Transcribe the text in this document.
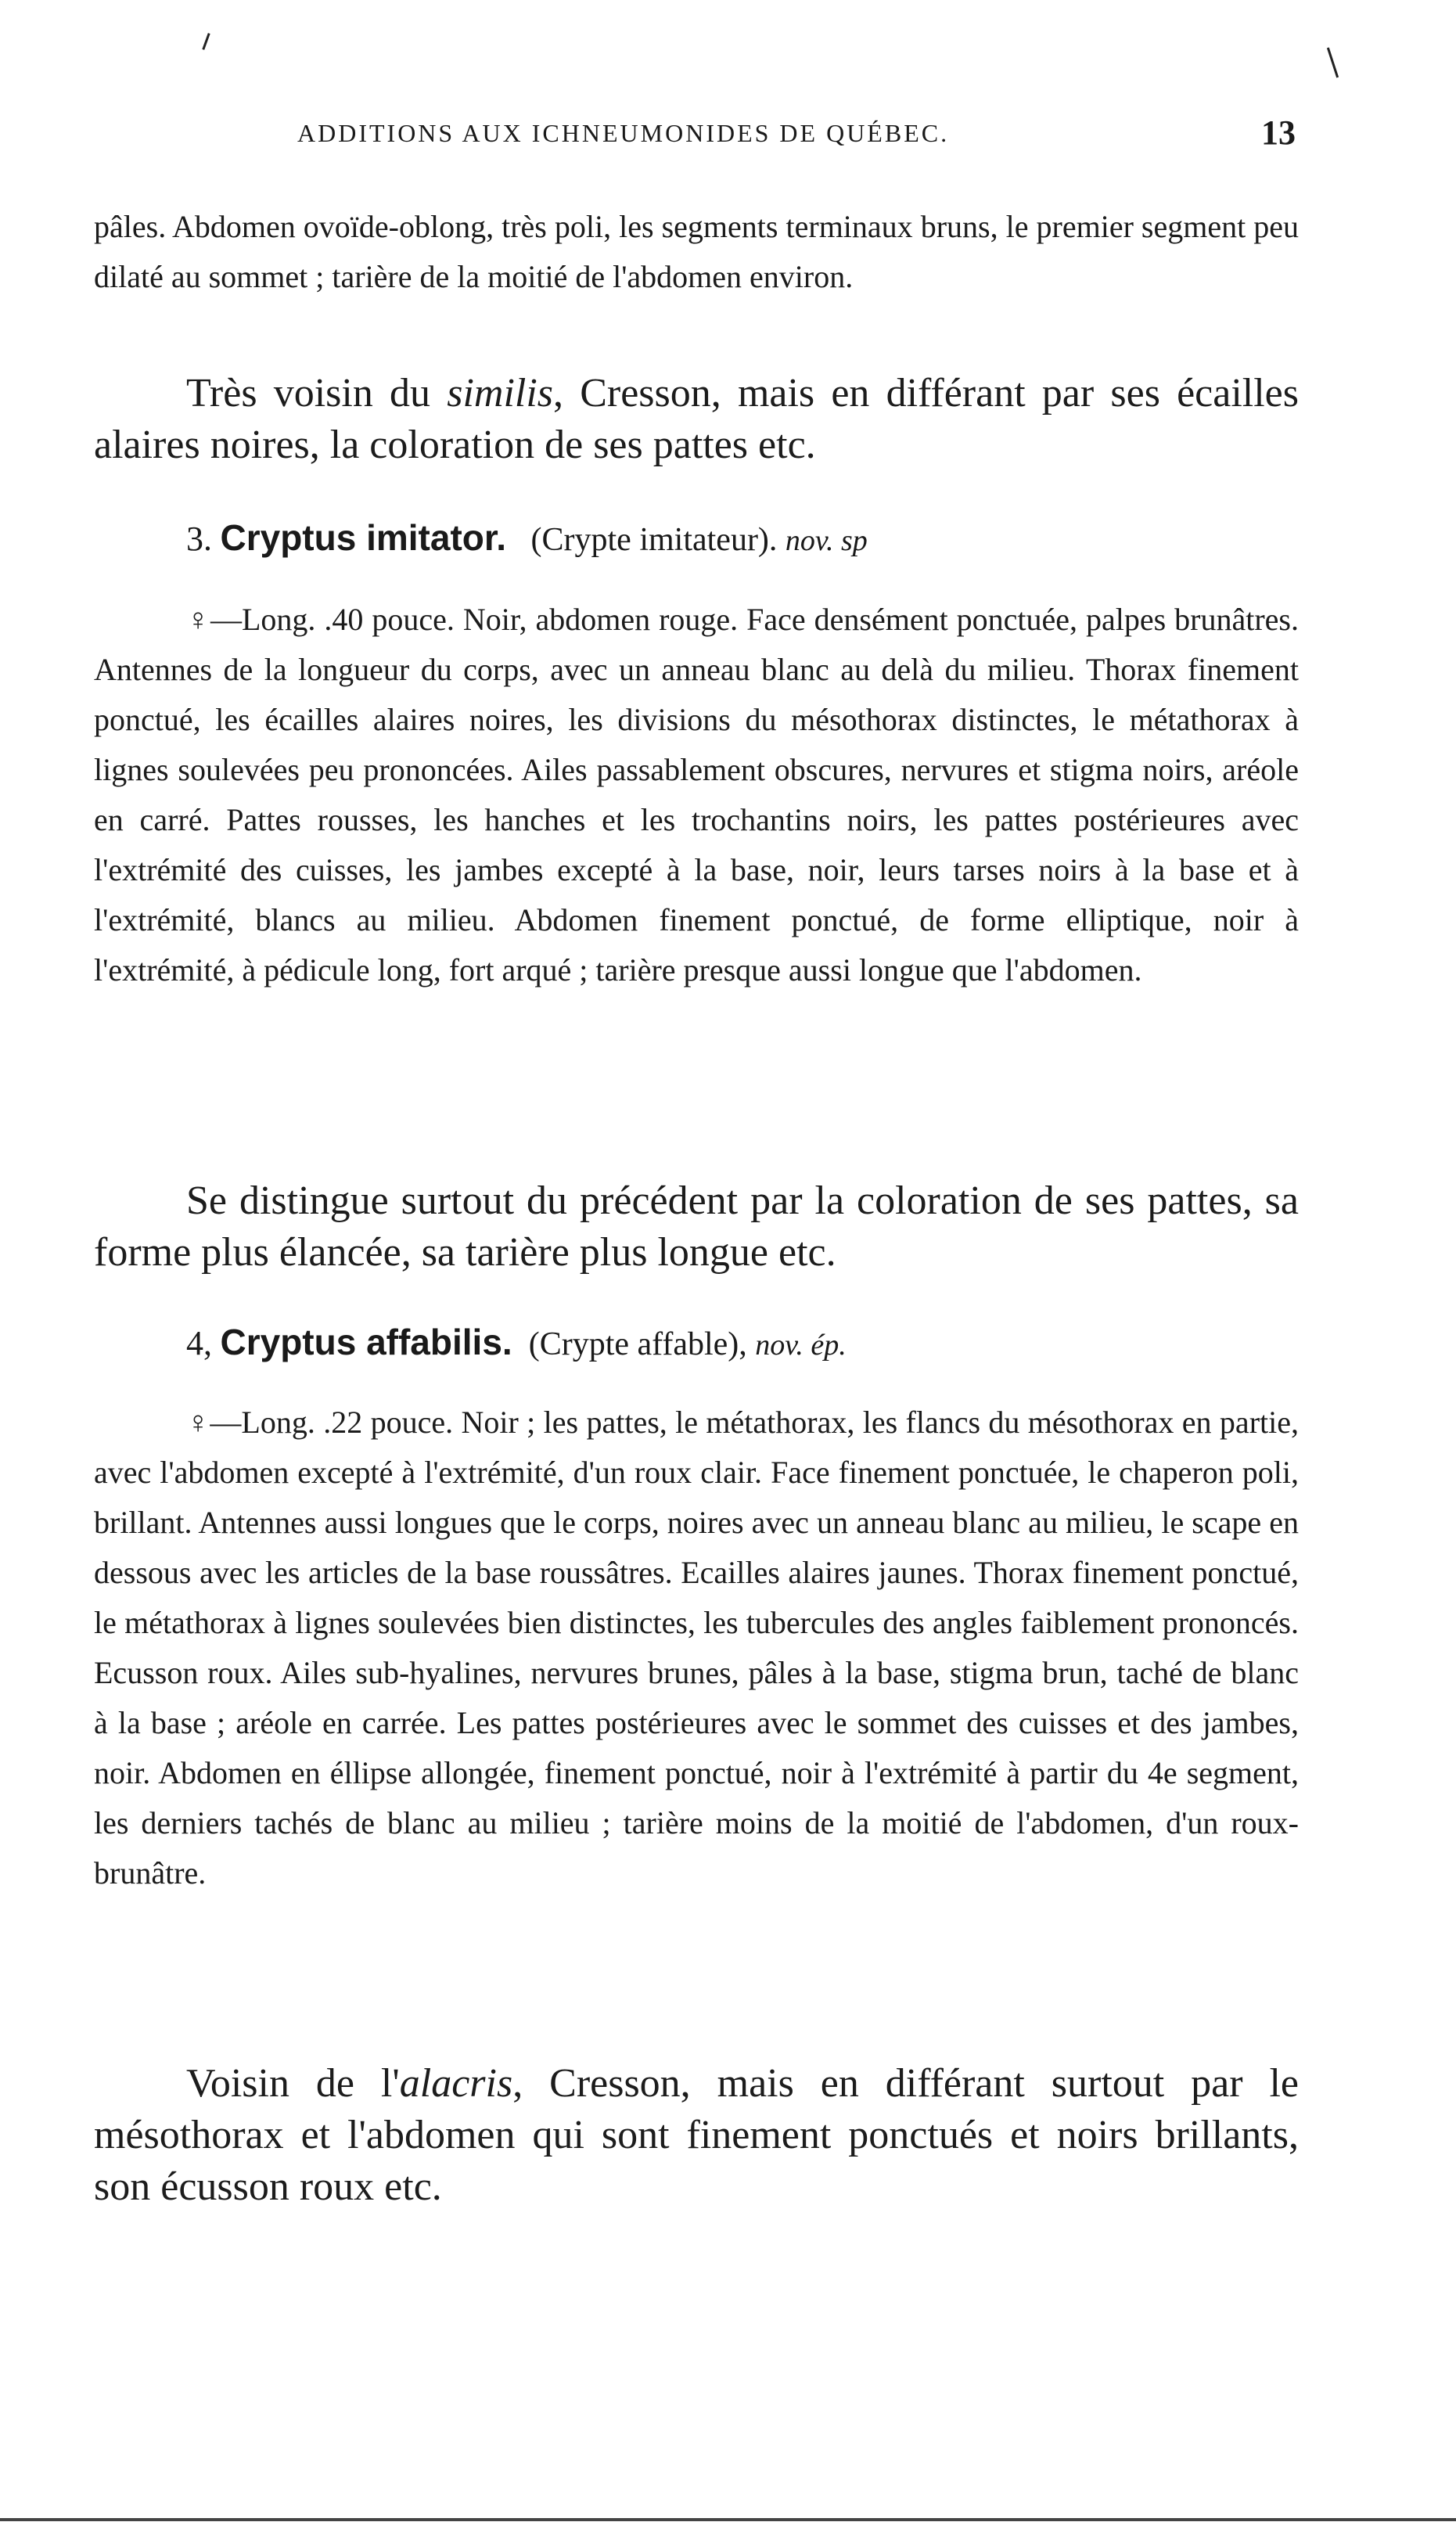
ADDITIONS AUX ICHNEUMONIDES DE QUÉBEC.	13
pâles. Abdomen ovoïde-oblong, très poli, les segments terminaux bruns, le premier segment peu dilaté au sommet ; tarière de la moitié de l'abdomen environ.
Très voisin du similis, Cresson, mais en différant par ses écailles alaires noires, la coloration de ses pattes etc.
3. Cryptus imitator. (Crypte imitateur). nov. sp
♀—Long. .40 pouce. Noir, abdomen rouge. Face densément ponctuée, palpes brunâtres. Antennes de la longueur du corps, avec un anneau blanc au delà du milieu. Thorax finement ponctué, les écailles alaires noires, les divisions du mésothorax distinctes, le métathorax à lignes soulevées peu prononcées. Ailes passablement obscures, nervures et stigma noirs, aréole en carré. Pattes rousses, les hanches et les trochantins noirs, les pattes postérieures avec l'extrémité des cuisses, les jambes excepté à la base, noir, leurs tarses noirs à la base et à l'extrémité, blancs au milieu. Abdomen finement ponctué, de forme elliptique, noir à l'extrémité, à pédicule long, fort arqué ; tarière presque aussi longue que l'abdomen.
Se distingue surtout du précédent par la coloration de ses pattes, sa forme plus élancée, sa tarière plus longue etc.
4, Cryptus affabilis. (Crypte affable), nov. ép.
♀—Long. .22 pouce. Noir ; les pattes, le métathorax, les flancs du mésothorax en partie, avec l'abdomen excepté à l'extrémité, d'un roux clair. Face finement ponctuée, le chaperon poli, brillant. Antennes aussi longues que le corps, noires avec un anneau blanc au milieu, le scape en dessous avec les articles de la base roussâtres. Ecailles alaires jaunes. Thorax finement ponctué, le métathorax à lignes soulevées bien distinctes, les tubercules des angles faiblement prononcés. Ecusson roux. Ailes sub-hyalines, nervures brunes, pâles à la base, stigma brun, taché de blanc à la base ; aréole en carrée. Les pattes postérieures avec le sommet des cuisses et des jambes, noir. Abdomen en éllipse allongée, finement ponctué, noir à l'extrémité à partir du 4e segment, les derniers tachés de blanc au milieu ; tarière moins de la moitié de l'abdomen, d'un roux-brunâtre.
Voisin de l'alacris, Cresson, mais en différant surtout par le mésothorax et l'abdomen qui sont finement ponctués et noirs brillants, son écusson roux etc.
